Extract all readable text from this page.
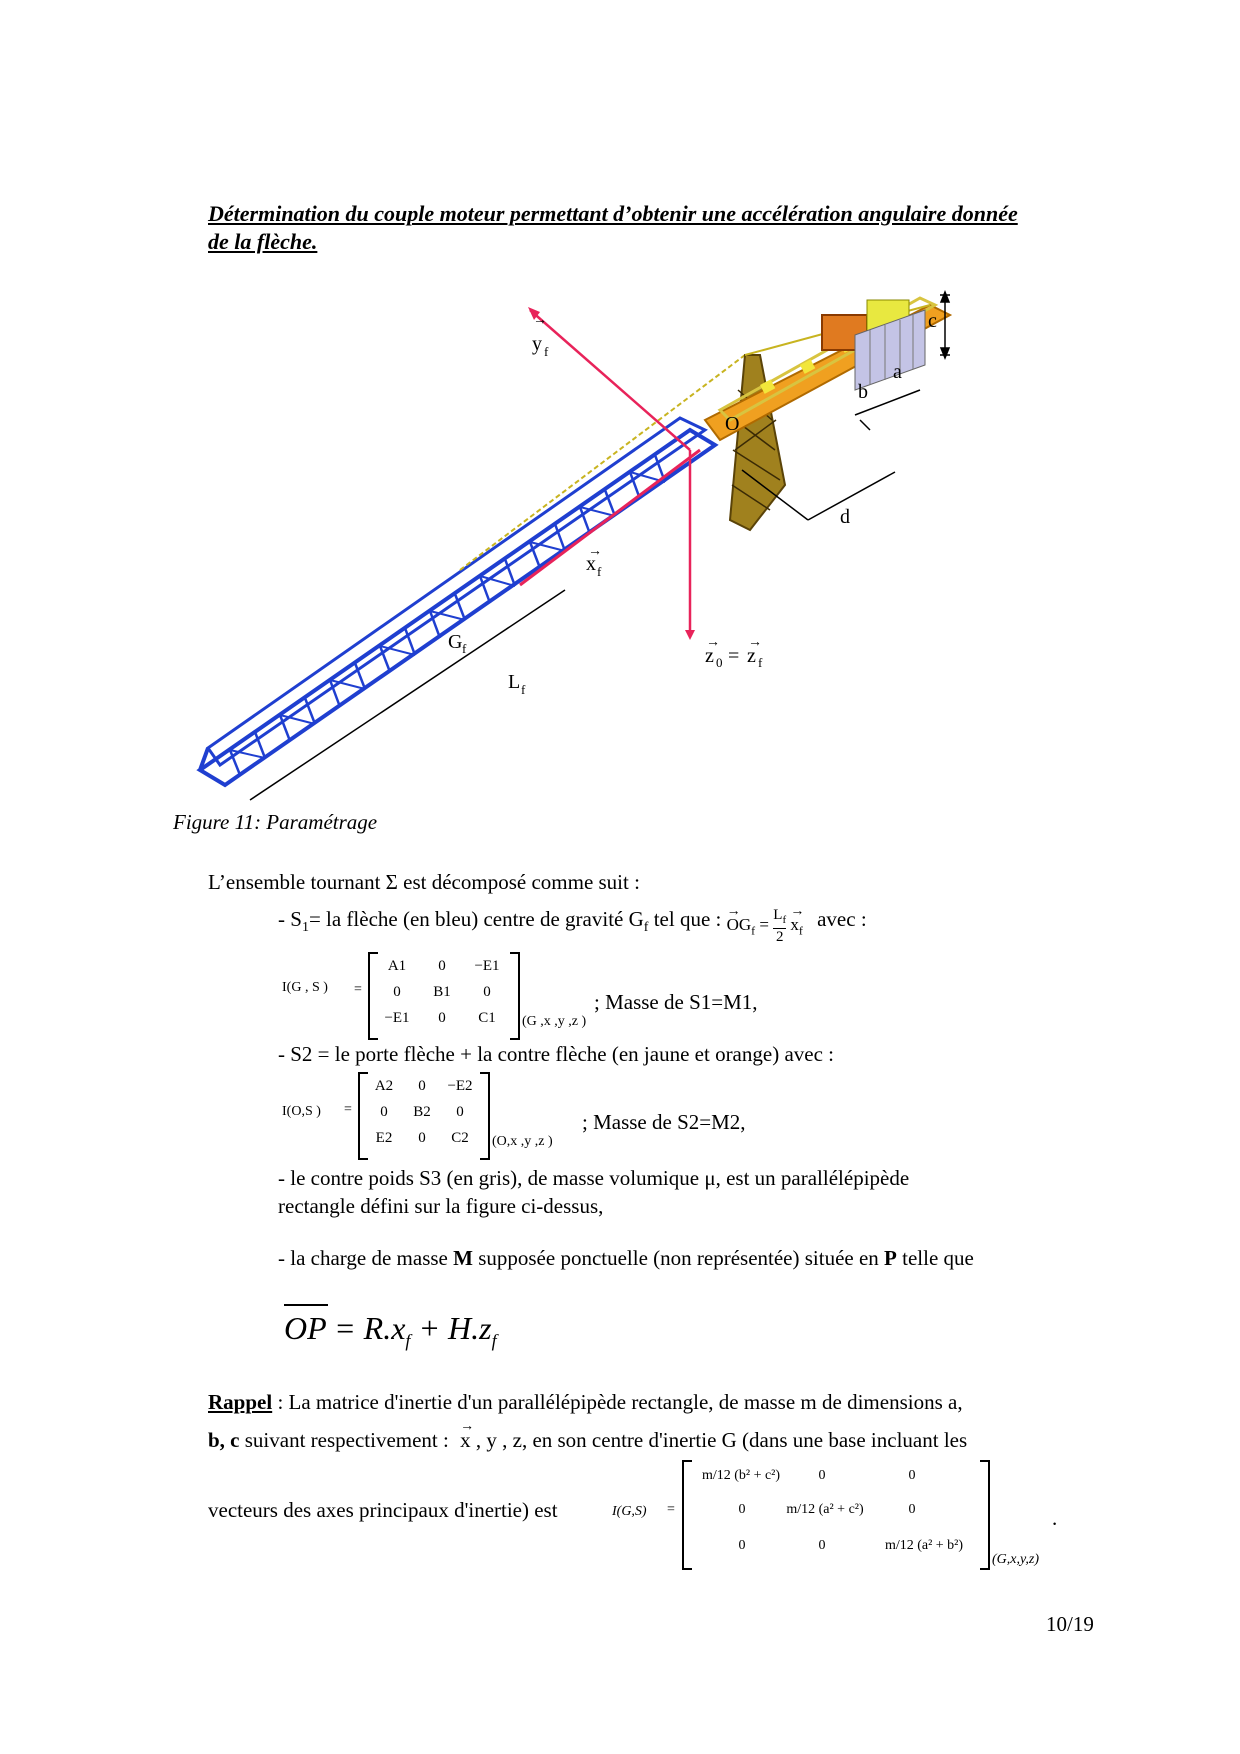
Détermination du couple moteur permettant d’obtenir une accélération angulaire donnée
de la flèche.
y f
→
O
x f
→
G f
L f
z 0
→
= z f
→
a
b
c
d
Figure 11: Paramétrage
L’ensemble tournant Σ est décomposé comme suit :
- $S_1=$ la flèche (en bleu) centre de gravité $G_f$ tel que : → $OG_f = \frac{L_f}{2} \to x_f$ avec :
I(G , S ) =
A1	0	−E1
0	B1	0
−E1	0	C1	(G ,x ,y ,z )
; Masse de S1=M1,
- S2 = le porte flèche + la contre flèche (en jaune et orange) avec :
I(O,S ) =
A2	0	−E2
0	B2	0
E2	0	C2	(O,x ,y ,z )
; Masse de S2=M2,
- le contre poids S3 (en gris), de masse volumique μ, est un parallélépipède
rectangle défini sur la figure ci-dessus,
- la charge de masse M supposée ponctuelle (non représentée) située en P telle que
OP = $R.x_f + H.z_f$
Rappel : La matrice d'inertie d'un parallélépipède rectangle, de masse m de dimensions a,
b, c suivant respectivement : → x , y , z, en son centre d'inertie G (dans une base incluant les
vecteurs des axes principaux d'inertie) est	I(G,S) =
m/12 (b² + c²)	0	0
0	m/12 (a² + c²)	0
0	0	m/12 (a² + b²)
(G,x,y,z)
.
10/19
